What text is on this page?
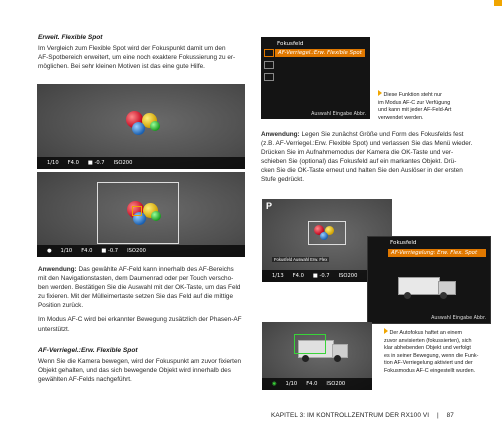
Erweit. Flexible Spot
Im Vergleich zum Flexible Spot wird der Fokuspunkt damit um den
AF-Spotbereich erweitert, um eine noch exaktere Fokussierung zu er-
möglichen. Bei sehr kleinen Motiven ist das eine gute Hilfe.
1/10 F4.0 ■ -0.7 ISO200
● 1/10 F4.0 ■ -0.7 ISO200
Anwendung: Das gewählte AF-Feld kann innerhalb des AF-Bereichs
mit den Navigationstasten, dem Daumenrad oder per Touch verscho-
ben werden. Bestätigen Sie die Auswahl mit der OK-Taste, um das Feld
zu fixieren. Mit der Mülleimertaste setzen Sie das Feld auf die mittige
Position zurück.
Im Modus AF-C wird bei erkannter Bewegung zusätzlich der Phasen-AF
unterstützt.
AF-Verriegel.:Erw. Flexible Spot
Wenn Sie die Kamera bewegen, wird der Fokuspunkt am zuvor fixierten
Objekt gehalten, und das sich bewegende Objekt wird innerhalb des
gewählten AF-Felds nachgeführt.
Fokusfeld
AF-Verriegel.:Erw. Flexible Spot
Auswahl Eingabe Abbr.
Diese Funktion steht nur
im Modus AF-C zur Verfügung
und kann mit jeder AF-Feld-Art
verwendet werden.
Anwendung: Legen Sie zunächst Größe und Form des Fokusfelds fest
(z.B. AF-Verriegel.:Erw. Flexible Spot) und verlassen Sie das Menü wieder.
Drücken Sie im Aufnahmemodus der Kamera die OK-Taste und ver-
schieben Sie (optional) das Fokusfeld auf ein markantes Objekt. Drü-
cken Sie die OK-Taste erneut und halten Sie den Auslöser in der ersten
Stufe gedrückt.
P
Fokusfeld Auswahl Erw. Flex
1/13 F4.0 ■ -0.7 ISO200
Fokusfeld
AF-Verriegelung: Erw. Flex. Spot
Auswahl Eingabe Abbr.
◉ 1/10 F4.0 ISO200
Der Autofokus haftet an einem
zuvor anvisierten (fokussierten), sich
klar abhebenden Objekt und verfolgt
es in seiner Bewegung, wenn die Funk-
tion AF-Verriegelung aktiviert und der
Fokusmodus AF-C eingestellt wurden.
KAPITEL 3: IM KONTROLLZENTRUM DER RX100 VI | 87
